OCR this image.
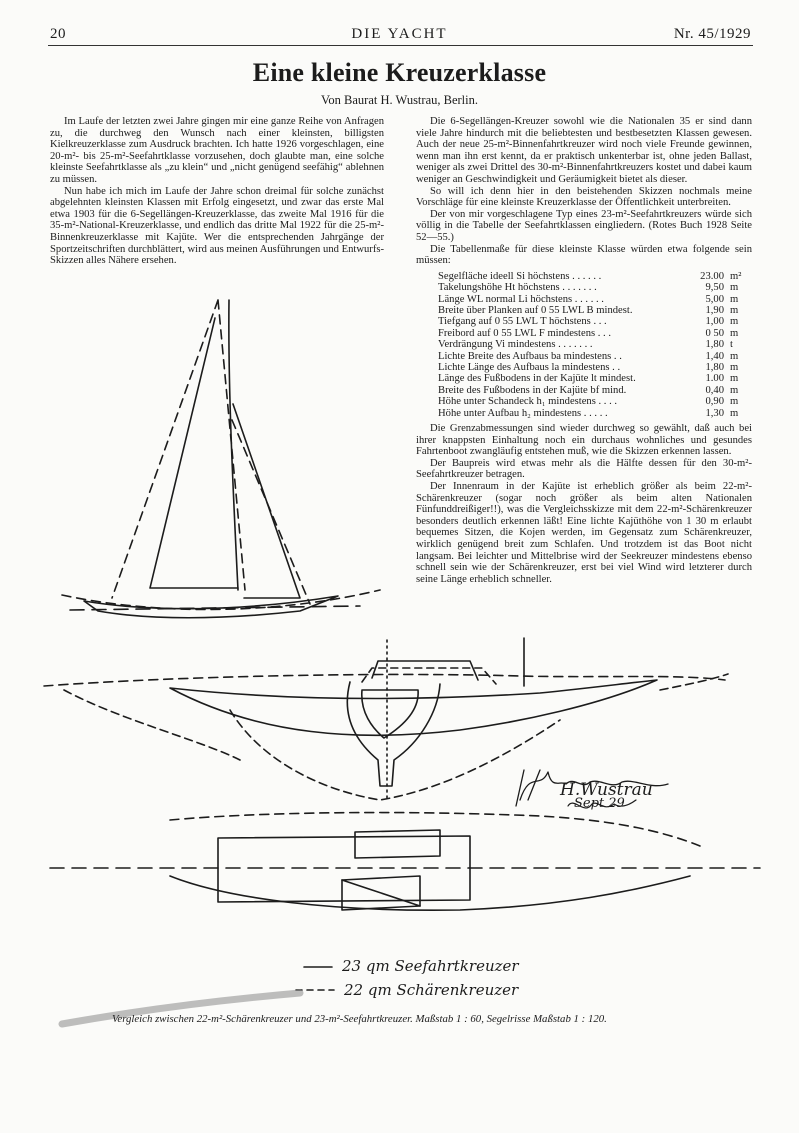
20	DIE YACHT	Nr. 45/1929
Eine kleine Kreuzerklasse
Von Baurat H. Wustrau, Berlin.

Im Laufe der letzten zwei Jahre gingen mir eine ganze Reihe von Anfragen zu, die durchweg den Wunsch nach einer kleinsten, billigsten Kielkreuzerklasse zum Ausdruck brachten. Ich hatte 1926 vorgeschlagen, eine 20-m²- bis 25-m²-Seefahrtklasse vorzusehen, doch glaubte man, eine solche kleinste Seefahrtklasse als „zu klein“ und „nicht genügend seefähig“ ablehnen zu müssen.

Nun habe ich mich im Laufe der Jahre schon dreimal für solche zunächst abgelehnten kleinsten Klassen mit Erfolg eingesetzt, und zwar das erste Mal etwa 1903 für die 6-Segellängen-Kreuzerklasse, das zweite Mal 1916 für die 35-m²-National-Kreuzerklasse, und endlich das dritte Mal 1922 für die 25-m²-Binnenkreuzerklasse mit Kajüte. Wer die entsprechenden Jahrgänge der Sportzeitschriften durchblättert, wird aus meinen Ausführungen und Entwurfs-Skizzen alles Nähere ersehen.

Die 6-Segellängen-Kreuzer sowohl wie die Nationalen 35 er sind dann viele Jahre hindurch mit die beliebtesten und bestbesetzten Klassen gewesen. Auch der neue 25-m²-Binnenfahrtkreuzer wird noch viele Freunde gewinnen, wenn man ihn erst kennt, da er praktisch unkenterbar ist, ohne jeden Ballast, weniger als zwei Drittel des 30-m²-Binnenfahrtkreuzers kostet und dabei kaum weniger an Geschwindigkeit und Geräumigkeit bietet als dieser.

So will ich denn hier in den beistehenden Skizzen nochmals meine Vorschläge für eine kleinste Kreuzerklasse der Öffentlichkeit unterbreiten.

Der von mir vorgeschlagene Typ eines 23-m²-Seefahrtkreuzers würde sich völlig in die Tabelle der Seefahrtklassen eingliedern. (Rotes Buch 1928 Seite 52—55.)

Die Tabellenmaße für diese kleinste Klasse würden etwa folgende sein müssen:

Segelfläche ideell Si höchstens . . . . . .	23.00	m²
Takelungshöhe Ht höchstens . . . . . . .	9,50	m
Länge WL normal Li höchstens . . . . . .	5,00	m
Breite über Planken auf 0 55 LWL B mindest.	1,90	m
Tiefgang auf 0 55 LWL T höchstens . . .	1,00	m
Freibord auf 0 55 LWL F mindestens . . .	0 50	m
Verdrängung Vi mindestens . . . . . . .	1,80	t
Lichte Breite des Aufbaus ba mindestens . .	1,40	m
Lichte Länge des Aufbaus la mindestens . .	1,80	m
Länge des Fußbodens in der Kajüte lt mindest.	1.00	m
Breite des Fußbodens in der Kajüte bf mind.	0,40	m
Höhe unter Schandeck h₁ mindestens . . . .	0,90	m
Höhe unter Aufbau h₂ mindestens . . . . .	1,30	m

Die Grenzabmessungen sind wieder durchweg so gewählt, daß auch bei ihrer knappsten Einhaltung noch ein durchaus wohnliches und gesundes Fahrtenboot zwangläufig entstehen muß, wie die Skizzen erkennen lassen.

Der Baupreis wird etwas mehr als die Hälfte dessen für den 30-m²-Seefahrtkreuzer betragen.

Der Innenraum in der Kajüte ist erheblich größer als beim 22-m²-Schärenkreuzer (sogar noch größer als beim alten Nationalen Fünfunddreißiger!!), was die Vergleichsskizze mit dem 22-m²-Schärenkreuzer besonders deutlich erkennen läßt! Eine lichte Kajüthöhe von 1 30 m erlaubt bequemes Sitzen, die Kojen werden, im Gegensatz zum Schärenkreuzer, wirklich genügend breit zum Schlafen. Und trotzdem ist das Boot nicht langsam. Bei leichter und Mittelbrise wird der Seekreuzer mindestens ebenso schnell sein wie der Schärenkreuzer, erst bei viel Wind wird letzterer durch seine Länge erheblich schneller.

23 qm Seefahrtkreuzer
22 qm Schärenkreuzer
H.Wustrau
Sept 29
Vergleich zwischen 22-m²-Schärenkreuzer und 23-m²-Seefahrtkreuzer. Maßstab 1 : 60, Segelrisse Maßstab 1 : 120.
